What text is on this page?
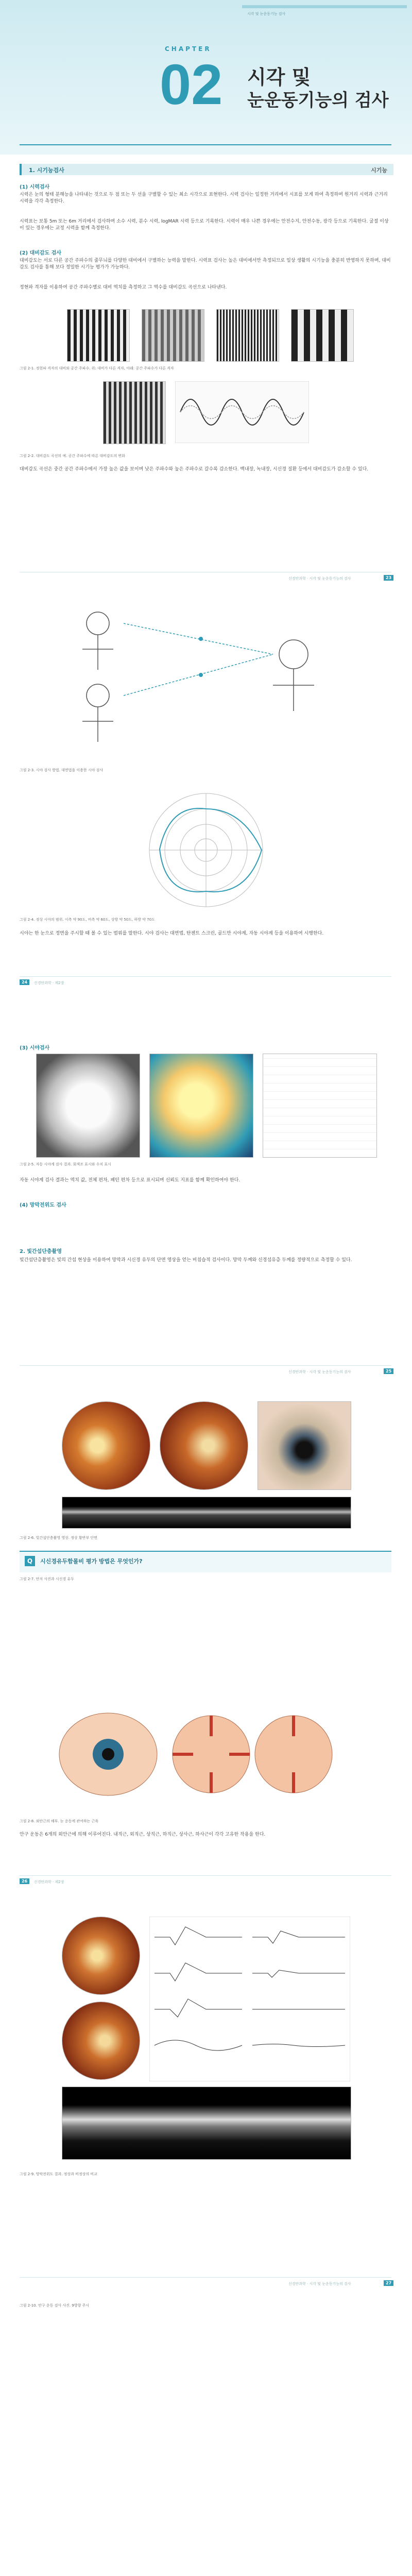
시각 및 눈운동기능 검사
CHAPTER
02 시각 및
눈운동기능의 검사
1. 시기능검사	시기능
(1) 시력검사
시력은 눈의 형태 분해능을 나타내는 것으로 두 점 또는 두 선을 구별할 수 있는 최소 시각으로 표현한다. 시력 검사는 일정한 거리에서 시표를 보게 하여 측정하며 원거리 시력과 근거리 시력을 각각 측정한다.
시력표는 보통 5m 또는 6m 거리에서 검사하며 소수 시력, 분수 시력, logMAR 시력 등으로 기록한다. 시력이 매우 나쁜 경우에는 안전수지, 안전수동, 광각 등으로 기록한다. 굴절 이상이 있는 경우에는 교정 시력을 함께 측정한다.
(2) 대비감도 검사
대비감도는 서로 다른 공간 주파수의 줄무늬를 다양한 대비에서 구별하는 능력을 말한다. 시력표 검사는 높은 대비에서만 측정되므로 일상 생활의 시기능을 충분히 반영하지 못하며, 대비감도 검사를 통해 보다 정밀한 시기능 평가가 가능하다.
정현파 격자를 이용하여 공간 주파수별로 대비 역치를 측정하고 그 역수를 대비감도 곡선으로 나타낸다.
그림 2-1. 정현파 격자의 대비와 공간 주파수. 위: 대비가 다른 격자, 아래: 공간 주파수가 다른 격자
그림 2-2. 대비감도 곡선의 예. 공간 주파수에 따른 대비감도의 변화
대비감도 곡선은 중간 공간 주파수에서 가장 높은 값을 보이며 낮은 주파수와 높은 주파수로 갈수록 감소한다. 백내장, 녹내장, 시신경 질환 등에서 대비감도가 감소할 수 있다.
23
신경안과학 · 시각 및 눈운동기능의 검사
그림 2-3. 시야 검사 방법. 대면법을 이용한 시야 검사
그림 2-4. 정상 시야의 범위. 이측 약 90도, 비측 약 60도, 상방 약 50도, 하방 약 70도
시야는 한 눈으로 정면을 주시할 때 볼 수 있는 범위를 말한다. 시야 검사는 대면법, 탄젠트 스크린, 골드만 시야계, 자동 시야계 등을 이용하여 시행한다.
24	신경안과학 · 제2장
(3) 시야검사
그림 2-5. 자동 시야계 검사 결과. 회색조 표시와 수치 표시
자동 시야계 검사 결과는 역치 값, 전체 편차, 패턴 편차 등으로 표시되며 신뢰도 지표를 함께 확인하여야 한다.
(4) 망막전위도 검사
2. 빛간섭단층촬영
빛간섭단층촬영은 빛의 간섭 현상을 이용하여 망막과 시신경 유두의 단면 영상을 얻는 비침습적 검사이다. 망막 두께와 신경섬유층 두께를 정량적으로 측정할 수 있다.
25
신경안과학 · 시각 및 눈운동기능의 검사
그림 2-6. 빛간섭단층촬영 영상. 정상 황반부 단면
Q	시신경유두함몰비 평가 방법은 무엇인가?
그림 2-7. 안저 사진과 시신경 유두
그림 2-8. 외안근의 해부. 눈 운동에 관여하는 근육
안구 운동은 6개의 외안근에 의해 이루어진다. 내직근, 외직근, 상직근, 하직근, 상사근, 하사근이 각각 고유한 작용을 한다.
26	신경안과학 · 제2장
그림 2-9. 망막전위도 결과. 정상과 비정상의 비교
27
신경안과학 · 시각 및 눈운동기능의 검사
그림 2-10. 안구 운동 검사 사진. 9방향 주시
